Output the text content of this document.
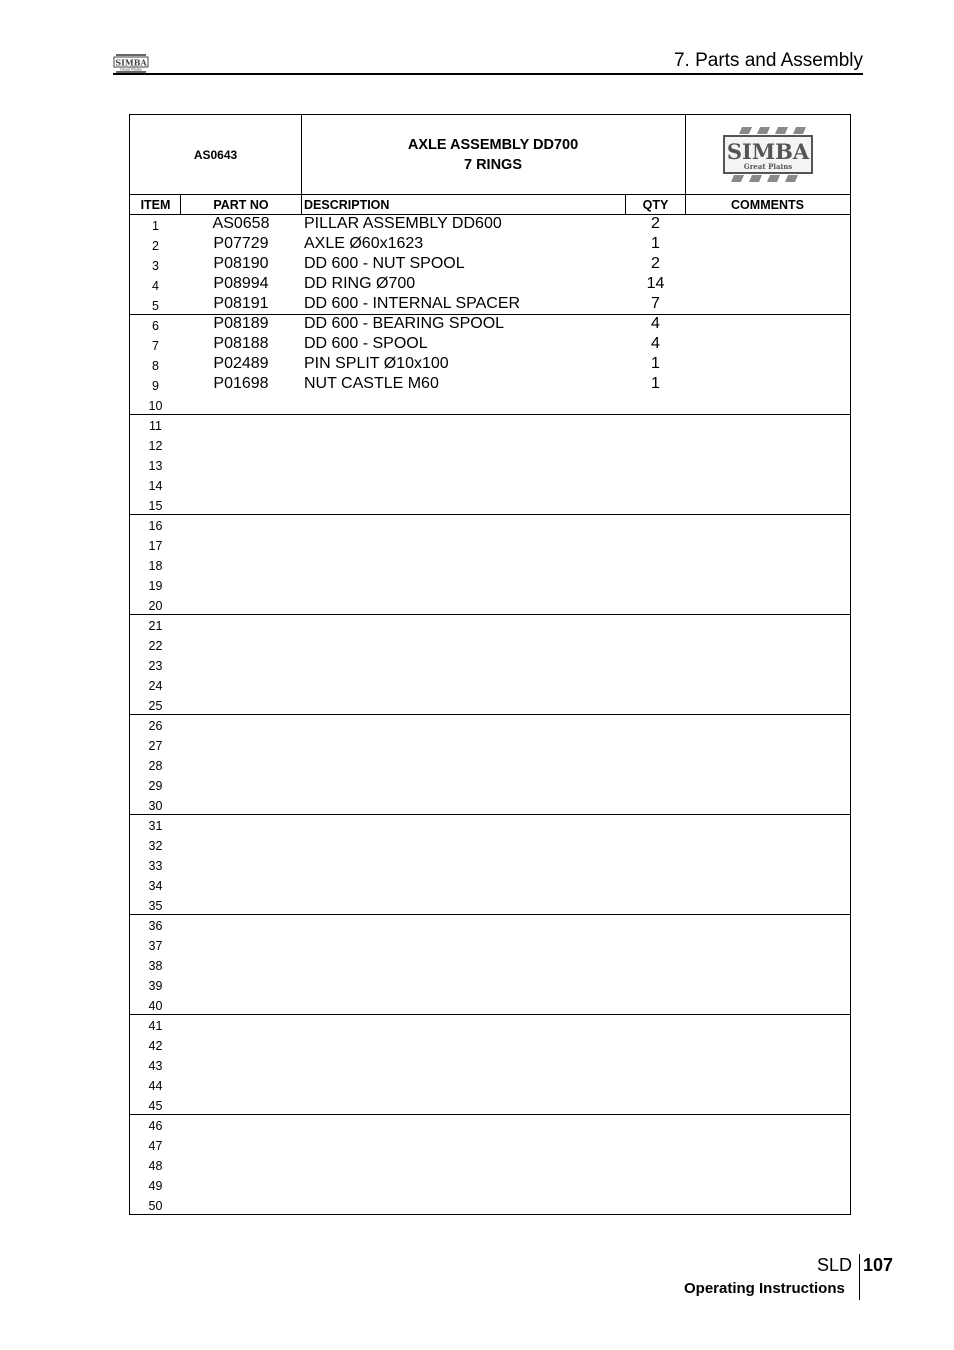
SIMBA
Great Plains	7. Parts and Assembly
AS0643
AXLE ASSEMBLY DD700
7 RINGS
SIMBA
Great Plains
ITEM	PART NO	DESCRIPTION	QTY	COMMENTS
1	AS0658	PILLAR ASSEMBLY DD600	2
2	P07729	AXLE Ø60x1623	1
3	P08190	DD 600 - NUT SPOOL	2
4	P08994	DD RING Ø700	14
5	P08191	DD 600 - INTERNAL SPACER	7
6	P08189	DD 600 - BEARING SPOOL	4
7	P08188	DD 600 - SPOOL	4
8	P02489	PIN SPLIT Ø10x100	1
9	P01698	NUT CASTLE M60	1
10
11
12
13
14
15
16
17
18
19
20
21
22
23
24
25
26
27
28
29
30
31
32
33
34
35
36
37
38
39
40
41
42
43
44
45
46
47
48
49
50
SLD 107
Operating Instructions
